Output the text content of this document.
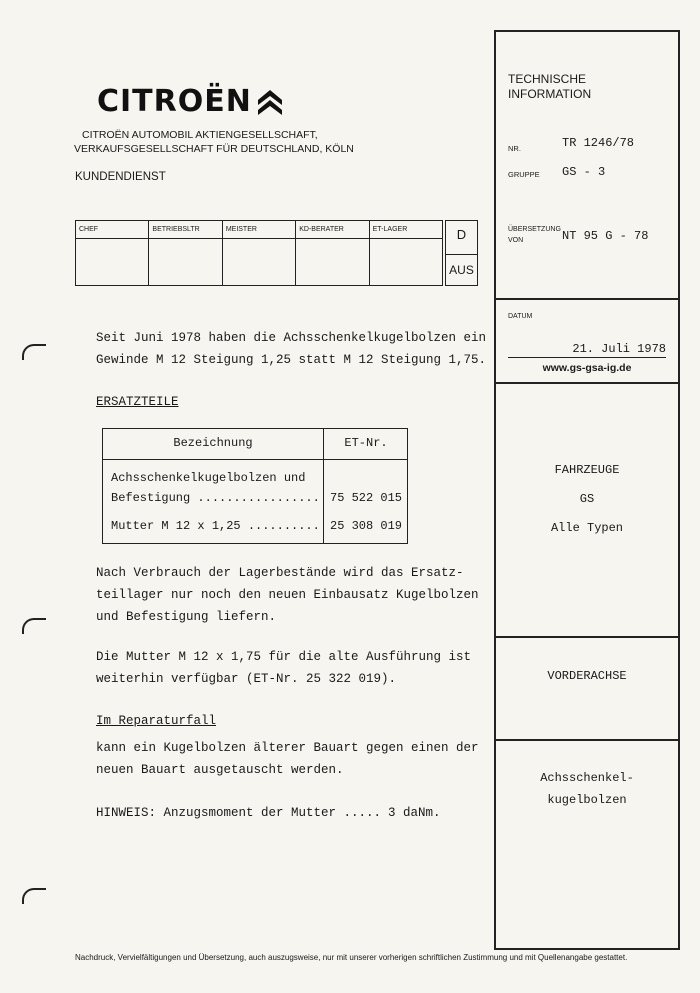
CITROËN
CITROËN AUTOMOBIL AKTIENGESELLSCHAFT,
VERKAUFSGESELLSCHAFT FÜR DEUTSCHLAND, KÖLN
KUNDENDIENST
CHEF	BETRIEBSLTR	MEISTER	KD-BERATER	ET-LAGER	D
AUS
TECHNISCHE
INFORMATION
NR.	TR 1246/78
GRUPPE GS - 3
ÜBERSETZUNG
VON	NT 95 G - 78
DATUM
21. Juli 1978
www.gs-gsa-ig.de
FAHRZEUGE
GS
Alle Typen
VORDERACHSE
Achsschenkel-
kugelbolzen
Seit Juni 1978 haben die Achsschenkelkugelbolzen ein
Gewinde M 12 Steigung 1,25 statt M 12 Steigung 1,75.
ERSATZTEILE
Bezeichnung	ET-Nr.
Achsschenkelkugelbolzen und
Befestigung ................. 75 522 015
Mutter M 12 x 1,25 .......... 25 308 019
Nach Verbrauch der Lagerbestände wird das Ersatz-
teillager nur noch den neuen Einbausatz Kugelbolzen
und Befestigung liefern.
Die Mutter M 12 x 1,75 für die alte Ausführung ist
weiterhin verfügbar (ET-Nr. 25 322 019).
Im Reparaturfall
kann ein Kugelbolzen älterer Bauart gegen einen der
neuen Bauart ausgetauscht werden.
HINWEIS: Anzugsmoment der Mutter ..... 3 daNm.
Nachdruck, Vervielfältigungen und Übersetzung, auch auszugsweise, nur mit unserer vorherigen schriftlichen Zustimmung und mit Quellenangabe gestattet.
